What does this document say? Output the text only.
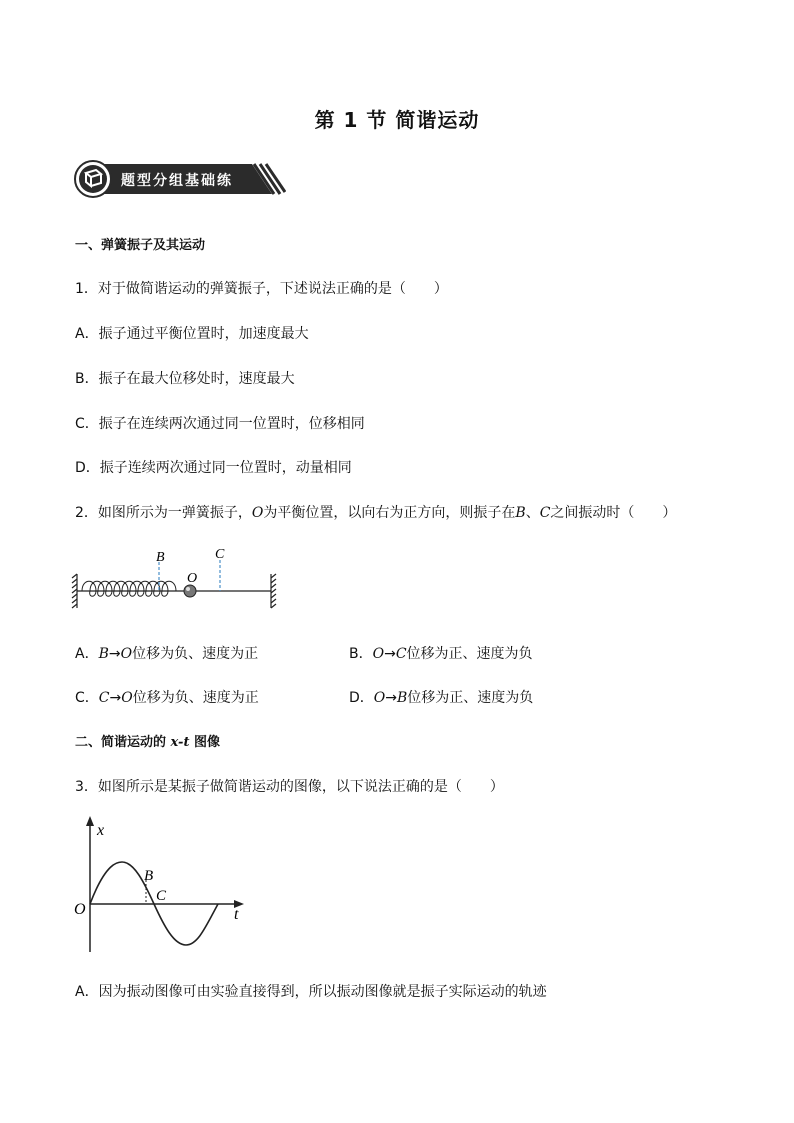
第 1 节 简谐运动
题型分组基础练
一、弹簧振子及其运动
1．对于做简谐运动的弹簧振子，下述说法正确的是（　　）
A．振子通过平衡位置时，加速度最大
B．振子在最大位移处时，速度最大
C．振子在连续两次通过同一位置时，位移相同
D．振子连续两次通过同一位置时，动量相同
2．如图所示为一弹簧振子，O为平衡位置，以向右为正方向，则振子在B、C之间振动时（　　）
B
O
C
A．B→O位移为负、速度为正	B．O→C位移为正、速度为负
C．C→O位移为负、速度为正	D．O→B位移为正、速度为负
二、简谐运动的 x-t 图像
3．如图所示是某振子做简谐运动的图像，以下说法正确的是（　　）
x
t
O
B
C
A．因为振动图像可由实验直接得到，所以振动图像就是振子实际运动的轨迹
